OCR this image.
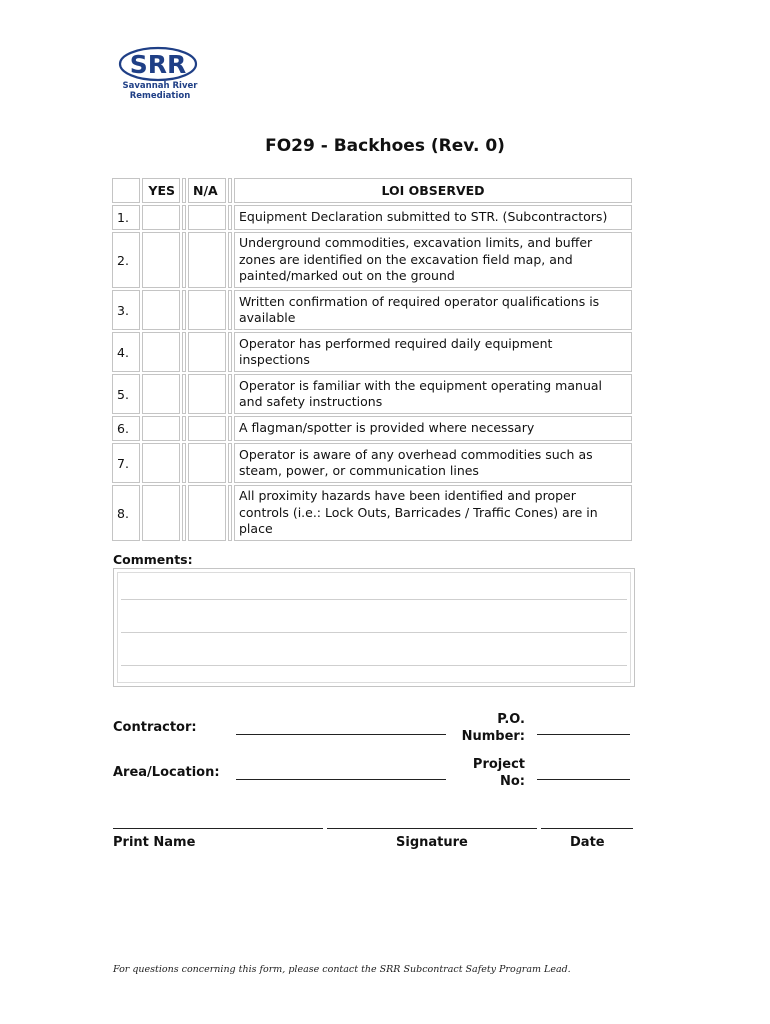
SRR
Savannah River
Remediation
FO29 - Backhoes (Rev. 0)
	YES		N/A		LOI OBSERVED
1.					Equipment Declaration submitted to STR. (Subcontractors)
2.					Underground commodities, excavation limits, and buffer zones are identified on the excavation field map, and painted/marked out on the ground
3.					Written confirmation of required operator qualifications is available
4.					Operator has performed required daily equipment inspections
5.					Operator is familiar with the equipment operating manual and safety instructions
6.					A flagman/spotter is provided where necessary
7.					Operator is aware of any overhead commodities such as steam, power, or communication lines
8.					All proximity hazards have been identified and proper controls (i.e.: Lock Outs, Barricades / Traffic Cones) are in place
Comments:
Contractor:
P.O.
Number:
Area/Location:
Project
No:
Print Name	Signature	Date
For questions concerning this form, please contact the SRR Subcontract Safety Program Lead.
